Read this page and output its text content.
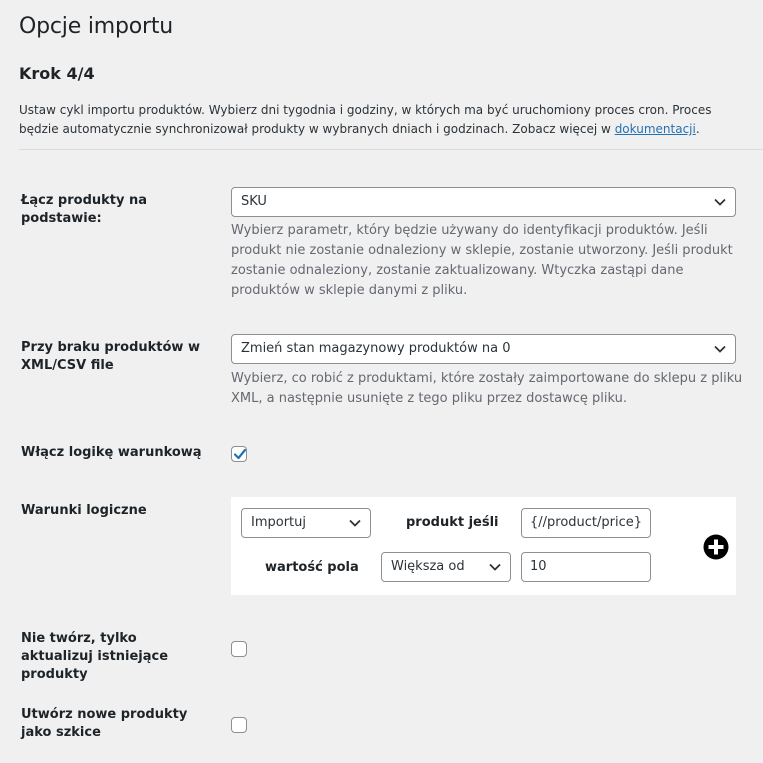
Opcje importu
Krok 4/4

Ustaw cykl importu produktów. Wybierz dni tygodnia i godziny, w których ma być uruchomiony proces cron. Proces będzie automatycznie synchronizował produkty w wybranych dniach i godzinach. Zobacz więcej w dokumentacji.

Łącz produkty na podstawie:

SKU

Wybierz parametr, który będzie używany do identyfikacji produktów. Jeśli produkt nie zostanie odnaleziony w sklepie, zostanie utworzony. Jeśli produkt zostanie odnaleziony, zostanie zaktualizowany. Wtyczka zastąpi dane produktów w sklepie danymi z pliku.

Przy braku produktów w XML/CSV file

Zmień stan magazynowy produktów na 0

Wybierz, co robić z produktami, które zostały zaimportowane do sklepu z pliku XML, a następnie usunięte z tego pliku przez dostawcę pliku.

Włącz logikę warunkową

Warunki logiczne

Importuj	produkt jeśli	{//product/price}
wartość pola	Większa od	10

Nie twórz, tylko aktualizuj istniejące produkty

Utwórz nowe produkty jako szkice
